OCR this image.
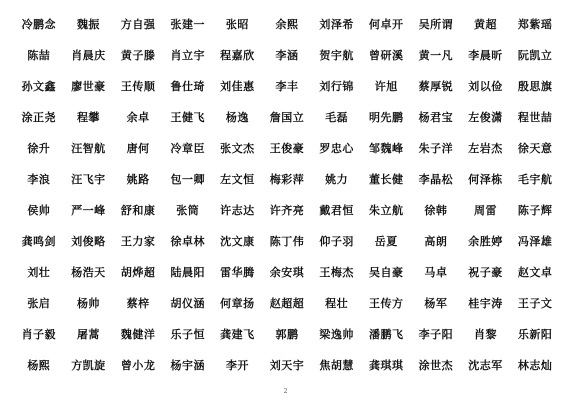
冷鹏念	魏振	方自强	张建一	张昭	余熙	刘泽希	何卓开	吴所谓	黄超	郑紫瑶
陈喆	肖晨庆	黄子滕	肖立宇	程嘉欣	李涵	贺宇航	曾研溪	黄一凡	李晨昕	阮凯立
孙文鑫	廖世豪	王传顺	鲁仕琦	刘佳惠	李丰	刘行锦	许旭	蔡厚锐	刘以俭	殷思旗
涂正尧	程攀	余卓	王健飞	杨逸	詹国立	毛磊	明先鹏	杨君宝	左俊潇	程世喆
徐升	汪智航	唐何	冷章臣	张文杰	王俊豪	罗忠心	邹魏峰	朱子洋	左岩杰	徐天意
李浪	汪飞宇	姚路	包一卿	左文恒	梅彩萍	姚力	董长健	李晶松	何泽栋	毛宇航
侯帅	严一峰	舒和康	张筒	许志达	许齐亮	戴君恒	朱立航	徐韩	周雷	陈子辉
龚鸣剑	刘俊略	王力家	徐卓林	沈文康	陈丁伟	仰子羽	岳夏	高朗	余胜婷	冯泽雄
刘壮	杨浩天	胡烨超	陆晨阳	雷华腾	余安琪	王梅杰	吴自豪	马卓	祝子豪	赵文卓
张启	杨帅	蔡梓	胡仪涵	何章扬	赵超超	程壮	王传方	杨军	桂宇涛	王子文
肖子毅	屠蒿	魏健洋	乐子恒	龚建飞	郭鹏	梁逸帅	潘鹏飞	李子阳	肖黎	乐新阳
杨熙	方凯旋	曾小龙	杨宇涵	李开	刘天宇	焦胡慧	龚琪琪	涂世杰	沈志军	林志灿
2
